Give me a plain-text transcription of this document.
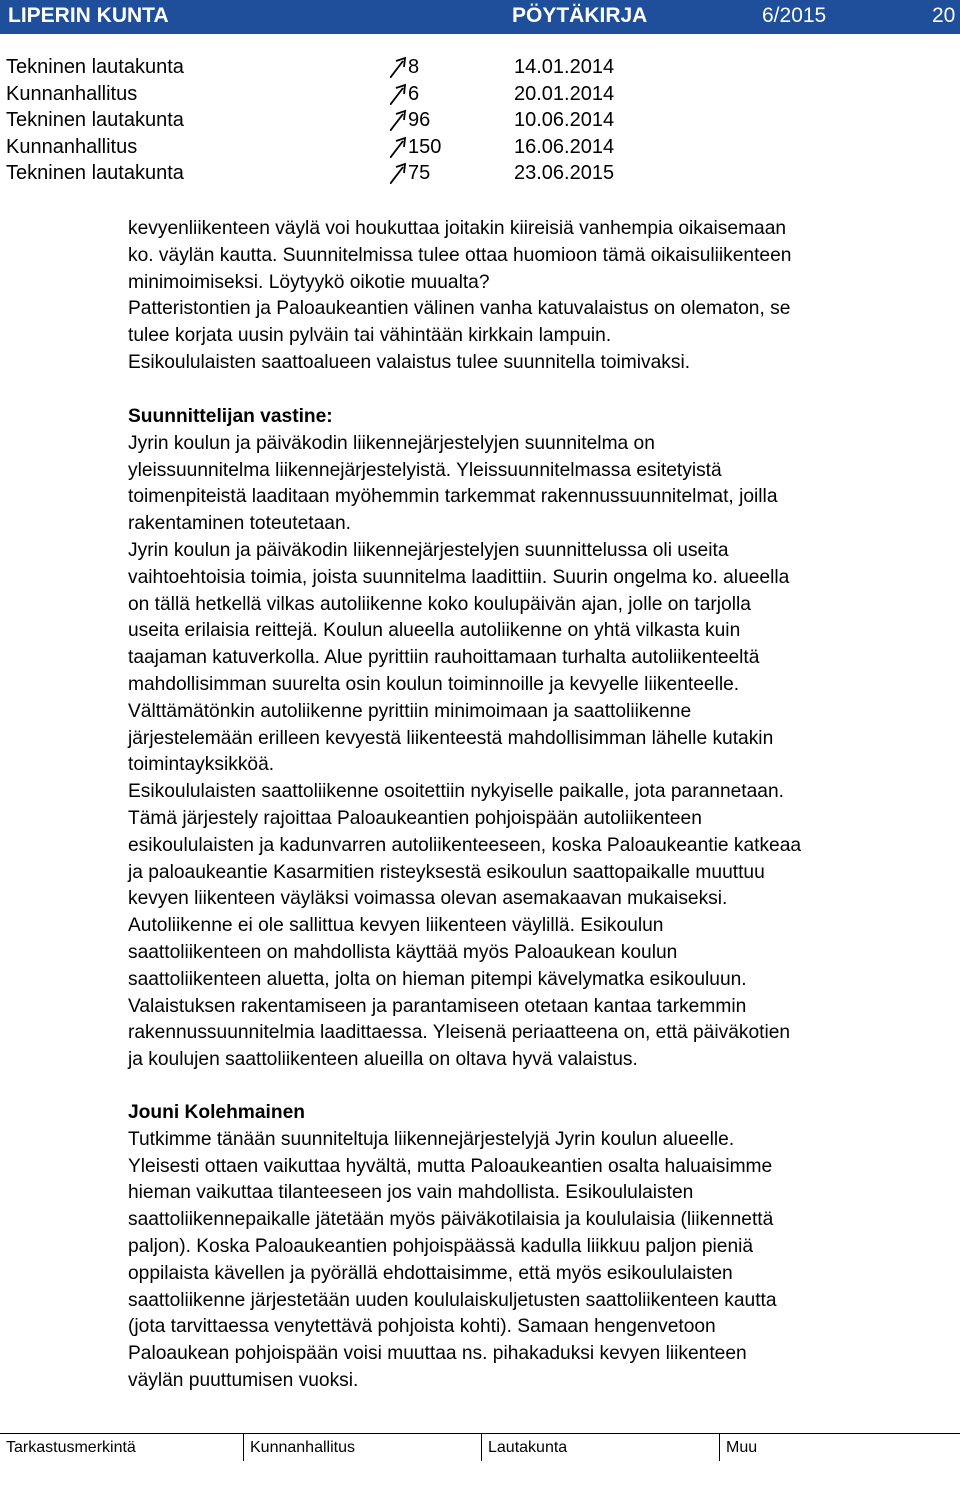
LIPERIN KUNTA	PÖYTÄKIRJA	6/2015	20
Tekninen lautakunta	8	14.01.2014
Kunnanhallitus	6	20.01.2014
Tekninen lautakunta	96	10.06.2014
Kunnanhallitus	150	16.06.2014
Tekninen lautakunta	75	23.06.2015

kevyenliikenteen väylä voi houkuttaa joitakin kiireisiä vanhempia oikaisemaan

ko. väylän kautta. Suunnitelmissa tulee ottaa huomioon tämä oikaisuliikenteen

minimoimiseksi. Löytyykö oikotie muualta?

Patteristontien ja Paloaukeantien välinen vanha katuvalaistus on olematon, se

tulee korjata uusin pylväin tai vähintään kirkkain lampuin.

Esikoululaisten saattoalueen valaistus tulee suunnitella toimivaksi.

Suunnittelijan vastine:

Jyrin koulun ja päiväkodin liikennejärjestelyjen suunnitelma on

yleissuunnitelma liikennejärjestelyistä. Yleissuunnitelmassa esitetyistä

toimenpiteistä laaditaan myöhemmin tarkemmat rakennussuunnitelmat, joilla

rakentaminen toteutetaan.

Jyrin koulun ja päiväkodin liikennejärjestelyjen suunnittelussa oli useita

vaihtoehtoisia toimia, joista suunnitelma laadittiin. Suurin ongelma ko. alueella

on tällä hetkellä vilkas autoliikenne koko koulupäivän ajan, jolle on tarjolla

useita erilaisia reittejä. Koulun alueella autoliikenne on yhtä vilkasta kuin

taajaman katuverkolla. Alue pyrittiin rauhoittamaan turhalta autoliikenteeltä

mahdollisimman suurelta osin koulun toiminnoille ja kevyelle liikenteelle.

Välttämätönkin autoliikenne pyrittiin minimoimaan ja saattoliikenne

järjestelemään erilleen kevyestä liikenteestä mahdollisimman lähelle kutakin

toimintayksikköä.

Esikoululaisten saattoliikenne osoitettiin nykyiselle paikalle, jota parannetaan.

Tämä järjestely rajoittaa Paloaukeantien pohjoispään autoliikenteen

esikoululaisten ja kadunvarren autoliikenteeseen, koska Paloaukeantie katkeaa

ja paloaukeantie Kasarmitien risteyksestä esikoulun saattopaikalle muuttuu

kevyen liikenteen väyläksi voimassa olevan asemakaavan mukaiseksi.

Autoliikenne ei ole sallittua kevyen liikenteen väylillä. Esikoulun

saattoliikenteen on mahdollista käyttää myös Paloaukean koulun

saattoliikenteen aluetta, jolta on hieman pitempi kävelymatka esikouluun.

Valaistuksen rakentamiseen ja parantamiseen otetaan kantaa tarkemmin

rakennussuunnitelmia laadittaessa. Yleisenä periaatteena on, että päiväkotien

ja koulujen saattoliikenteen alueilla on oltava hyvä valaistus.

Jouni Kolehmainen

Tutkimme tänään suunniteltuja liikennejärjestelyjä Jyrin koulun alueelle.

Yleisesti ottaen vaikuttaa hyvältä, mutta Paloaukeantien osalta haluaisimme

hieman vaikuttaa tilanteeseen jos vain mahdollista. Esikoululaisten

saattoliikennepaikalle jätetään myös päiväkotilaisia ja koululaisia (liikennettä

paljon). Koska Paloaukeantien pohjoispäässä kadulla liikkuu paljon pieniä

oppilaista kävellen ja pyörällä ehdottaisimme, että myös esikoululaisten

saattoliikenne järjestetään uuden koululaiskuljetusten saattoliikenteen kautta

(jota tarvittaessa venytettävä pohjoista kohti). Samaan hengenvetoon

Paloaukean pohjoispään voisi muuttaa ns. pihakaduksi kevyen liikenteen

väylän puuttumisen vuoksi.

Tarkastusmerkintä	Kunnanhallitus	Lautakunta	Muu
